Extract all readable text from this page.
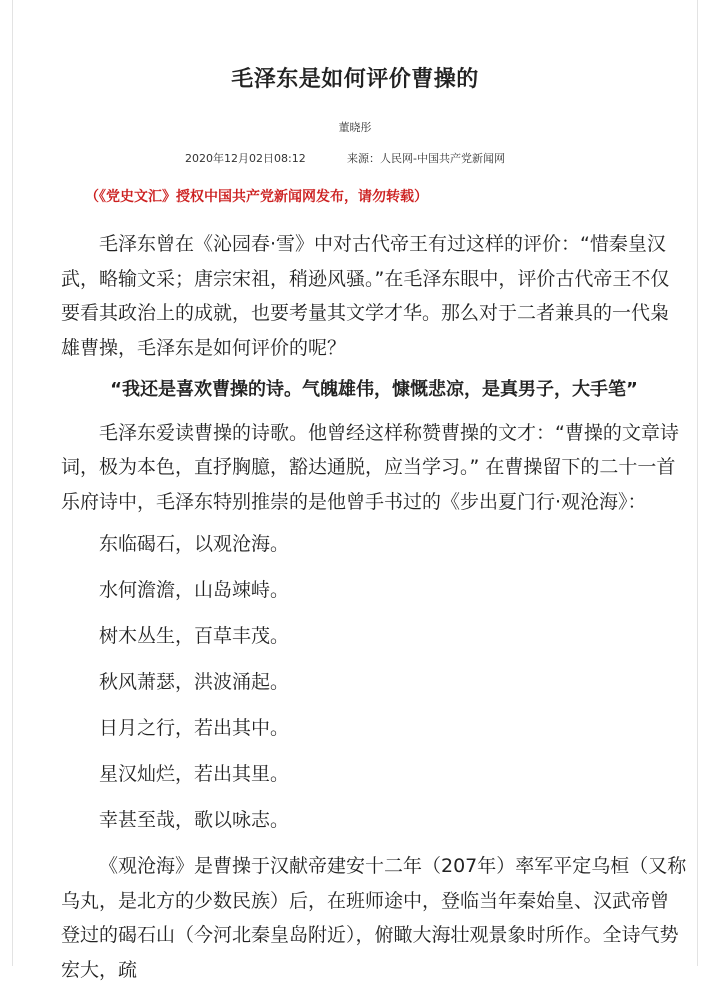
毛泽东是如何评价曹操的
董晓彤
2020年12月02日08:12	来源：人民网-中国共产党新闻网
（《党史文汇》授权中国共产党新闻网发布，请勿转载）

毛泽东曾在《沁园春·雪》中对古代帝王有过这样的评价：“惜秦皇汉武，略输文采；唐宗宋祖，稍逊风骚。”在毛泽东眼中，评价古代帝王不仅要看其政治上的成就，也要考量其文学才华。那么对于二者兼具的一代枭雄曹操，毛泽东是如何评价的呢？

“我还是喜欢曹操的诗。气魄雄伟，慷慨悲凉，是真男子，大手笔”

毛泽东爱读曹操的诗歌。他曾经这样称赞曹操的文才：“曹操的文章诗词，极为本色，直抒胸臆，豁达通脱，应当学习。” 在曹操留下的二十一首乐府诗中，毛泽东特别推崇的是他曾手书过的《步出夏门行·观沧海》：

东临碣石，以观沧海。

水何澹澹，山岛竦峙。

树木丛生，百草丰茂。

秋风萧瑟，洪波涌起。

日月之行，若出其中。

星汉灿烂，若出其里。

幸甚至哉，歌以咏志。

《观沧海》是曹操于汉献帝建安十二年（207年）率军平定乌桓（又称乌丸，是北方的少数民族）后，在班师途中，登临当年秦始皇、汉武帝曾登过的碣石山（今河北秦皇岛附近），俯瞰大海壮观景象时所作。全诗气势宏大，疏
